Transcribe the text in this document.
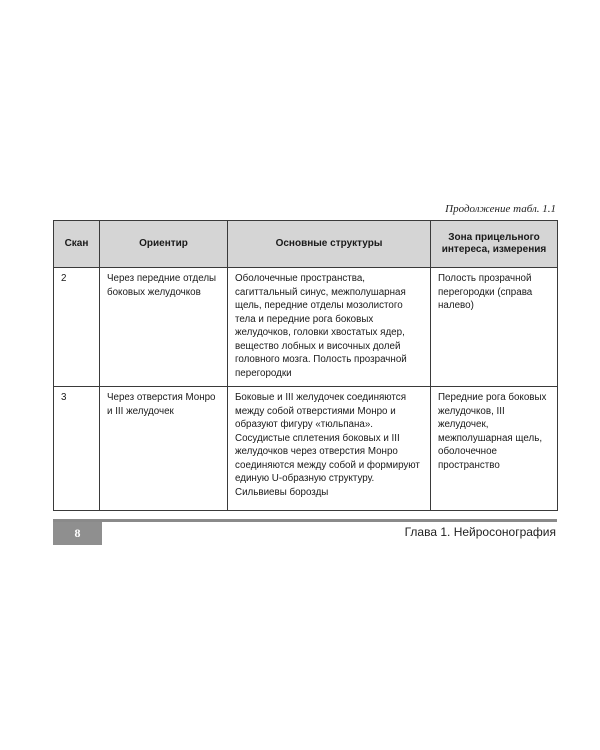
Продолжение табл. 1.1
Скан	Ориентир	Основные структуры	Зона прицельного интереса, измерения
2	Через передние отделы боковых желудочков	Оболочечные пространства, сагиттальный синус, межполушарная щель, передние отделы мозолистого тела и передние рога боковых желудочков, головки хвостатых ядер, вещество лобных и височных долей головного мозга. Полость прозрачной перегородки	Полость прозрачной перегородки (справа налево)
3	Через отверстия Монро и III желудочек	Боковые и III желудочек соединяются между собой отверстиями Монро и образуют фигуру «тюльпана». Сосудистые сплетения боковых и III желудочков через отверстия Монро соединяются между собой и формируют единую U-образную структуру. Сильвиевы борозды	Передние рога боковых желудочков, III желудочек, межполушарная щель, оболочечное пространство
8	Глава 1. Нейросонография
